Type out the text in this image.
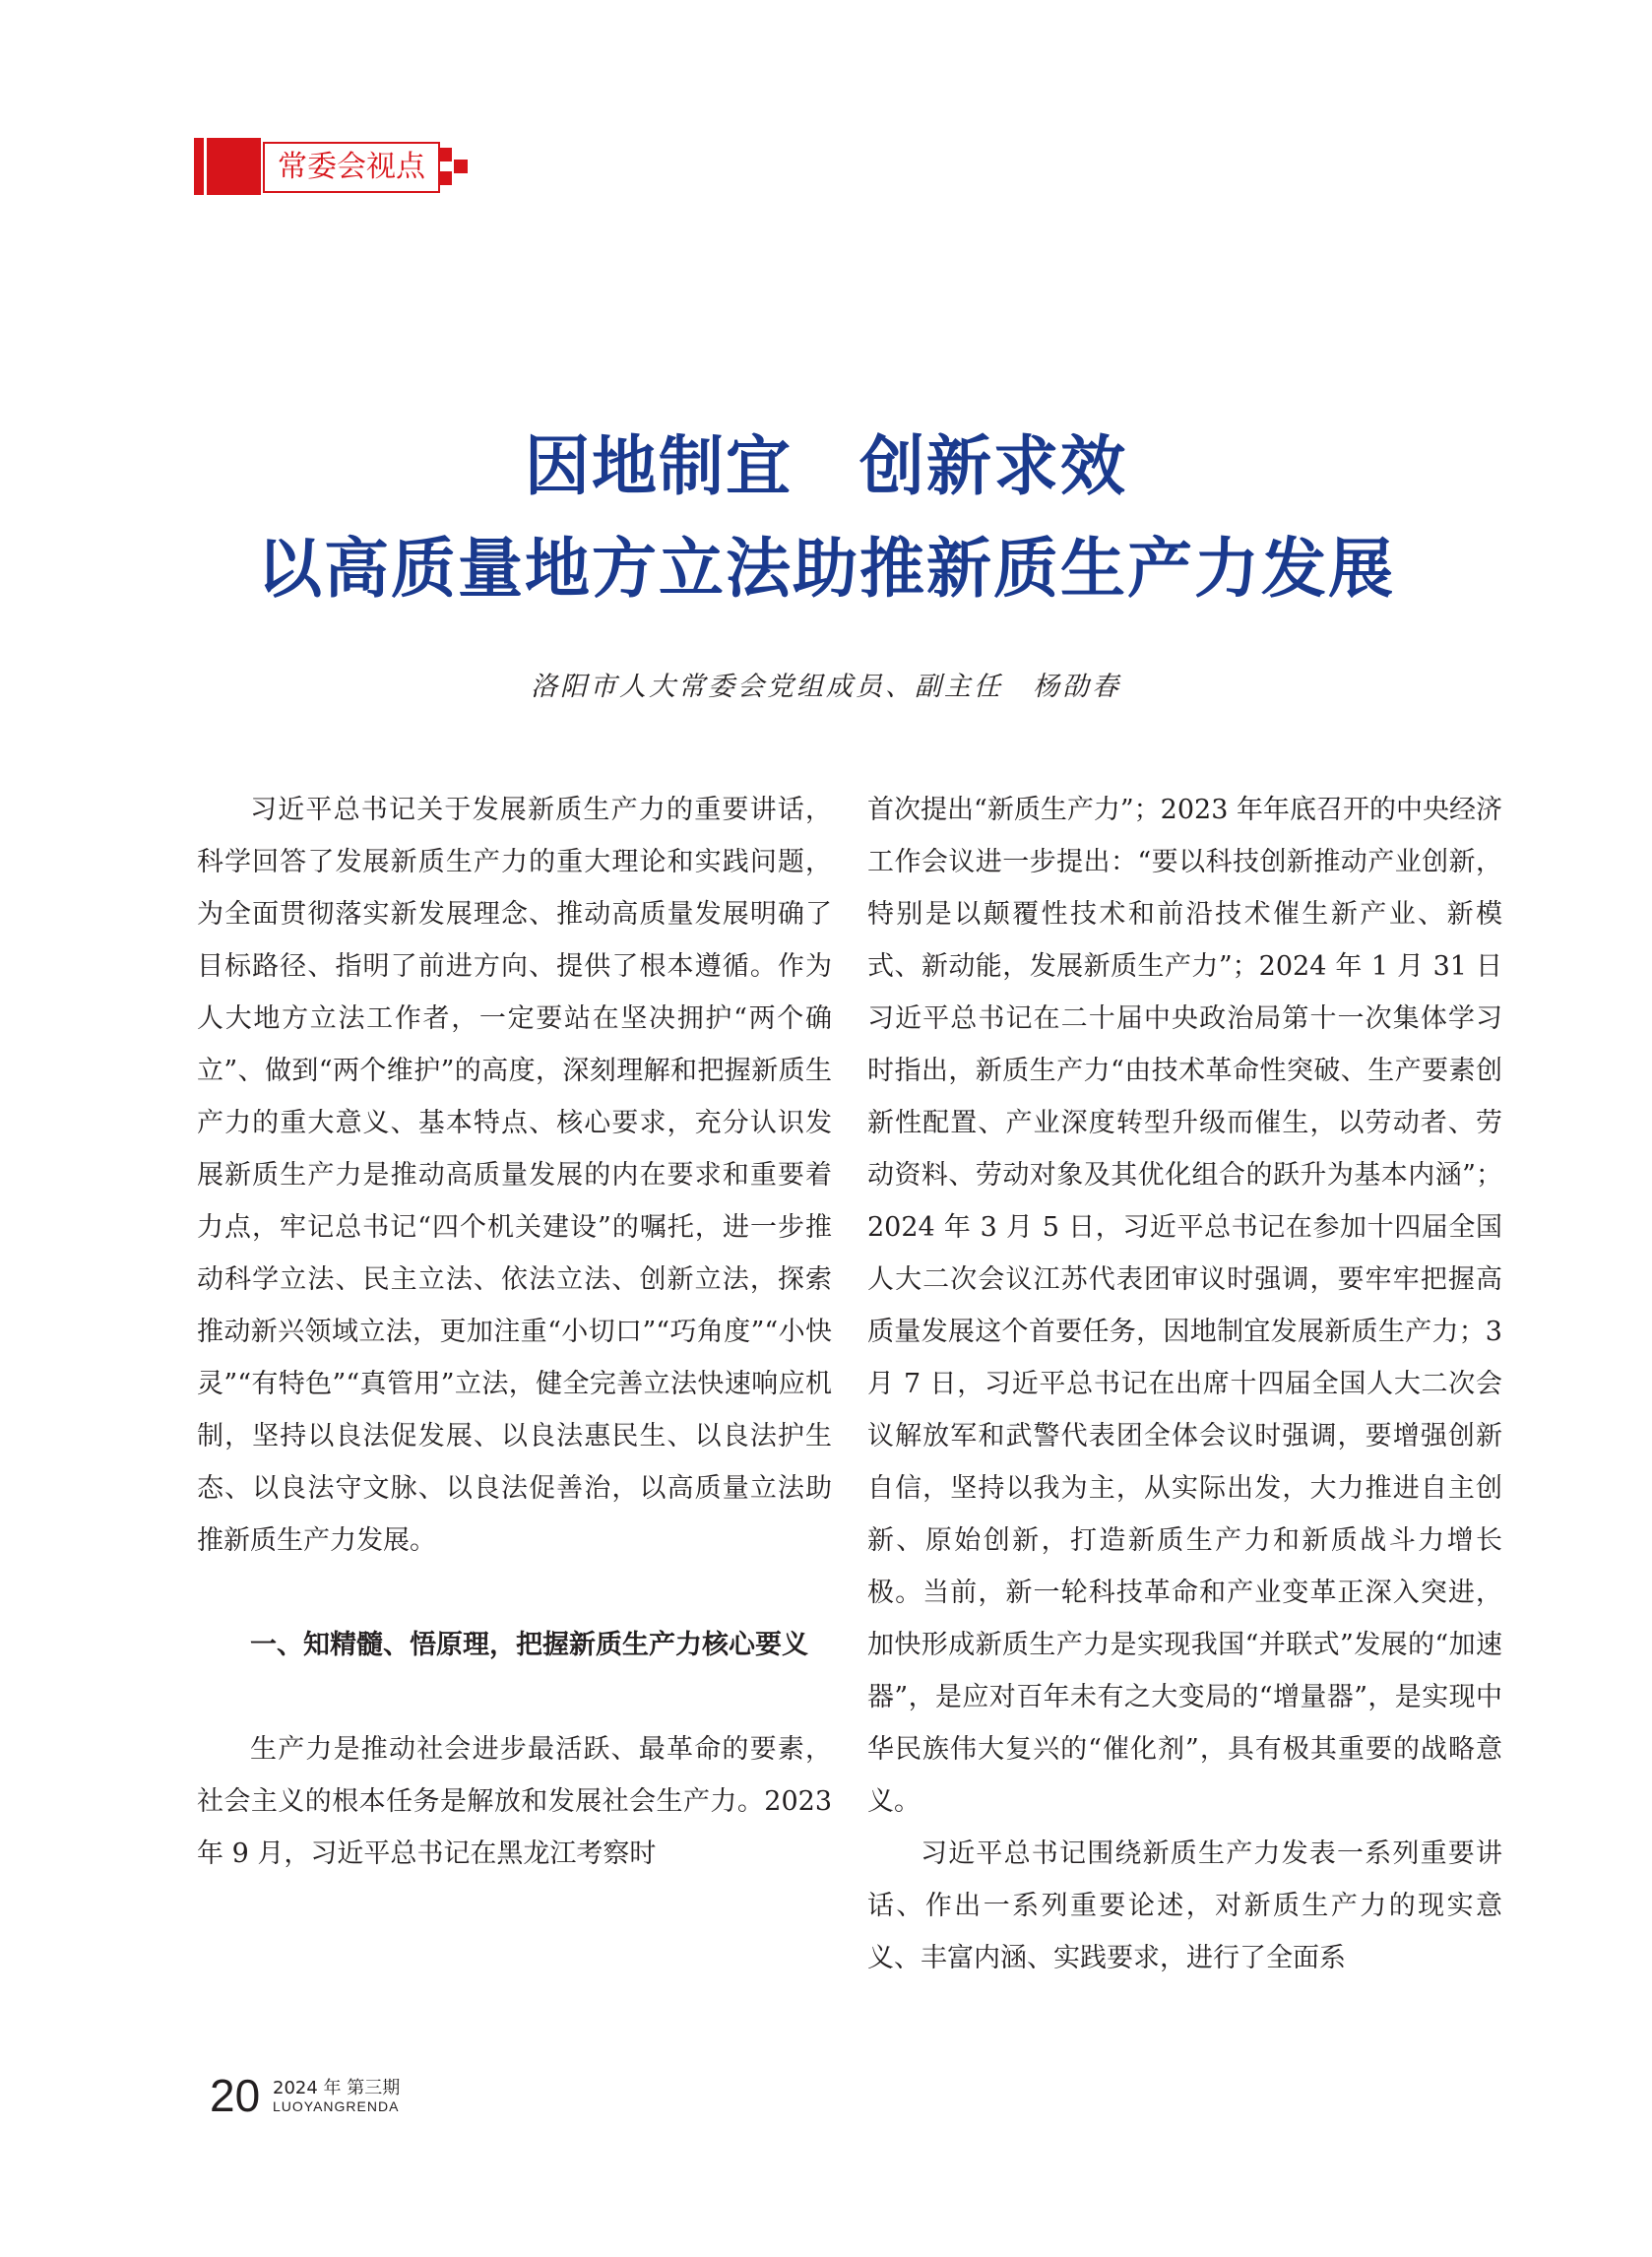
常委会视点
因地制宜　创新求效
以高质量地方立法助推新质生产力发展
洛阳市人大常委会党组成员、副主任　杨劭春

习近平总书记关于发展新质生产力的重要讲话，科学回答了发展新质生产力的重大理论和实践问题，为全面贯彻落实新发展理念、推动高质量发展明确了目标路径、指明了前进方向、提供了根本遵循。作为人大地方立法工作者，一定要站在坚决拥护“两个确立”、做到“两个维护”的高度，深刻理解和把握新质生产力的重大意义、基本特点、核心要求，充分认识发展新质生产力是推动高质量发展的内在要求和重要着力点，牢记总书记“四个机关建设”的嘱托，进一步推动科学立法、民主立法、依法立法、创新立法，探索推动新兴领域立法，更加注重“小切口”“巧角度”“小快灵”“有特色”“真管用”立法，健全完善立法快速响应机制，坚持以良法促发展、以良法惠民生、以良法护生态、以良法守文脉、以良法促善治，以高质量立法助推新质生产力发展。

一、知精髓、悟原理，把握新质生产力核心要义

生产力是推动社会进步最活跃、最革命的要素，社会主义的根本任务是解放和发展社会生产力。2023 年 9 月，习近平总书记在黑龙江考察时

首次提出“新质生产力”；2023 年年底召开的中央经济工作会议进一步提出：“要以科技创新推动产业创新，特别是以颠覆性技术和前沿技术催生新产业、新模式、新动能，发展新质生产力”；2024 年 1 月 31 日习近平总书记在二十届中央政治局第十一次集体学习时指出，新质生产力“由技术革命性突破、生产要素创新性配置、产业深度转型升级而催生，以劳动者、劳动资料、劳动对象及其优化组合的跃升为基本内涵”；2024 年 3 月 5 日，习近平总书记在参加十四届全国人大二次会议江苏代表团审议时强调，要牢牢把握高质量发展这个首要任务，因地制宜发展新质生产力；3 月 7 日，习近平总书记在出席十四届全国人大二次会议解放军和武警代表团全体会议时强调，要增强创新自信，坚持以我为主，从实际出发，大力推进自主创新、原始创新，打造新质生产力和新质战斗力增长极。当前，新一轮科技革命和产业变革正深入突进，加快形成新质生产力是实现我国“并联式”发展的“加速器”，是应对百年未有之大变局的“增量器”，是实现中华民族伟大复兴的“催化剂”，具有极其重要的战略意义。

习近平总书记围绕新质生产力发表一系列重要讲话、作出一系列重要论述，对新质生产力的现实意义、丰富内涵、实践要求，进行了全面系

20 2024 年 第三期
LUOYANGRENDA
